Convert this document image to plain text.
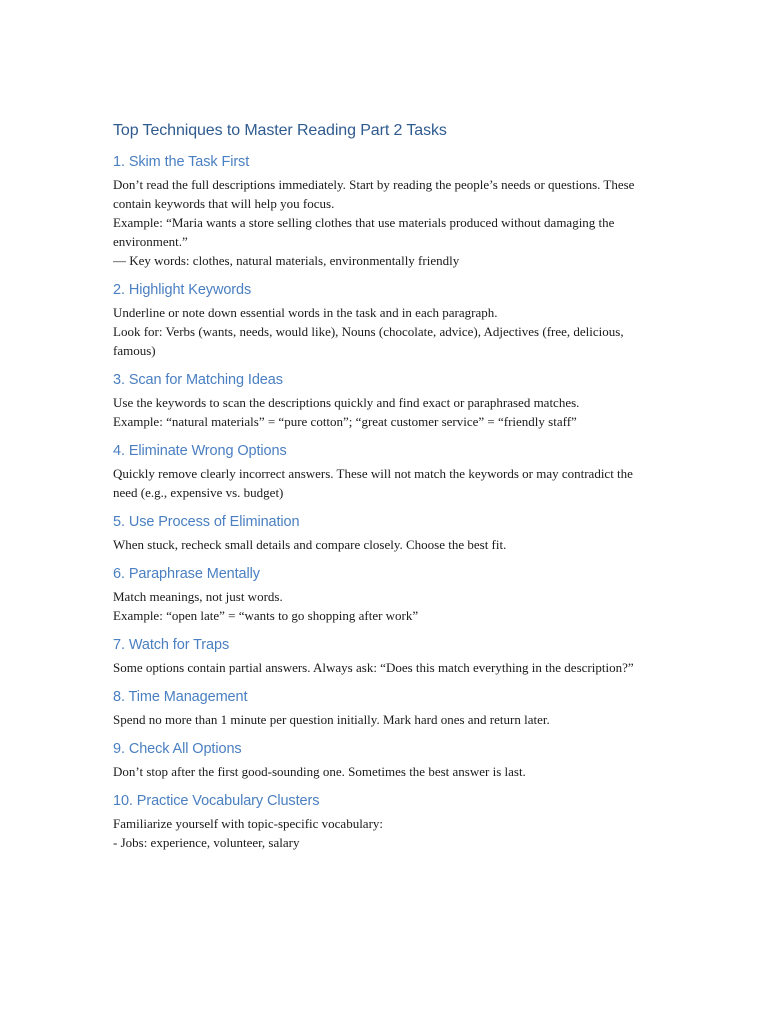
Top Techniques to Master Reading Part 2 Tasks
1. Skim the Task First

Don’t read the full descriptions immediately. Start by reading the people’s needs or questions. These contain keywords that will help you focus.

Example: “Maria wants a store selling clothes that use materials produced without damaging the environment.”

— Key words: clothes, natural materials, environmentally friendly

2. Highlight Keywords

Underline or note down essential words in the task and in each paragraph.

Look for: Verbs (wants, needs, would like), Nouns (chocolate, advice), Adjectives (free, delicious, famous)

3. Scan for Matching Ideas

Use the keywords to scan the descriptions quickly and find exact or paraphrased matches.

Example: “natural materials” = “pure cotton”; “great customer service” = “friendly staff”

4. Eliminate Wrong Options

Quickly remove clearly incorrect answers. These will not match the keywords or may contradict the need (e.g., expensive vs. budget)

5. Use Process of Elimination

When stuck, recheck small details and compare closely. Choose the best fit.

6. Paraphrase Mentally

Match meanings, not just words.

Example: “open late” = “wants to go shopping after work”

7. Watch for Traps

Some options contain partial answers. Always ask: “Does this match everything in the description?”

8. Time Management

Spend no more than 1 minute per question initially. Mark hard ones and return later.

9. Check All Options

Don’t stop after the first good-sounding one. Sometimes the best answer is last.

10. Practice Vocabulary Clusters

Familiarize yourself with topic-specific vocabulary:

- Jobs: experience, volunteer, salary
